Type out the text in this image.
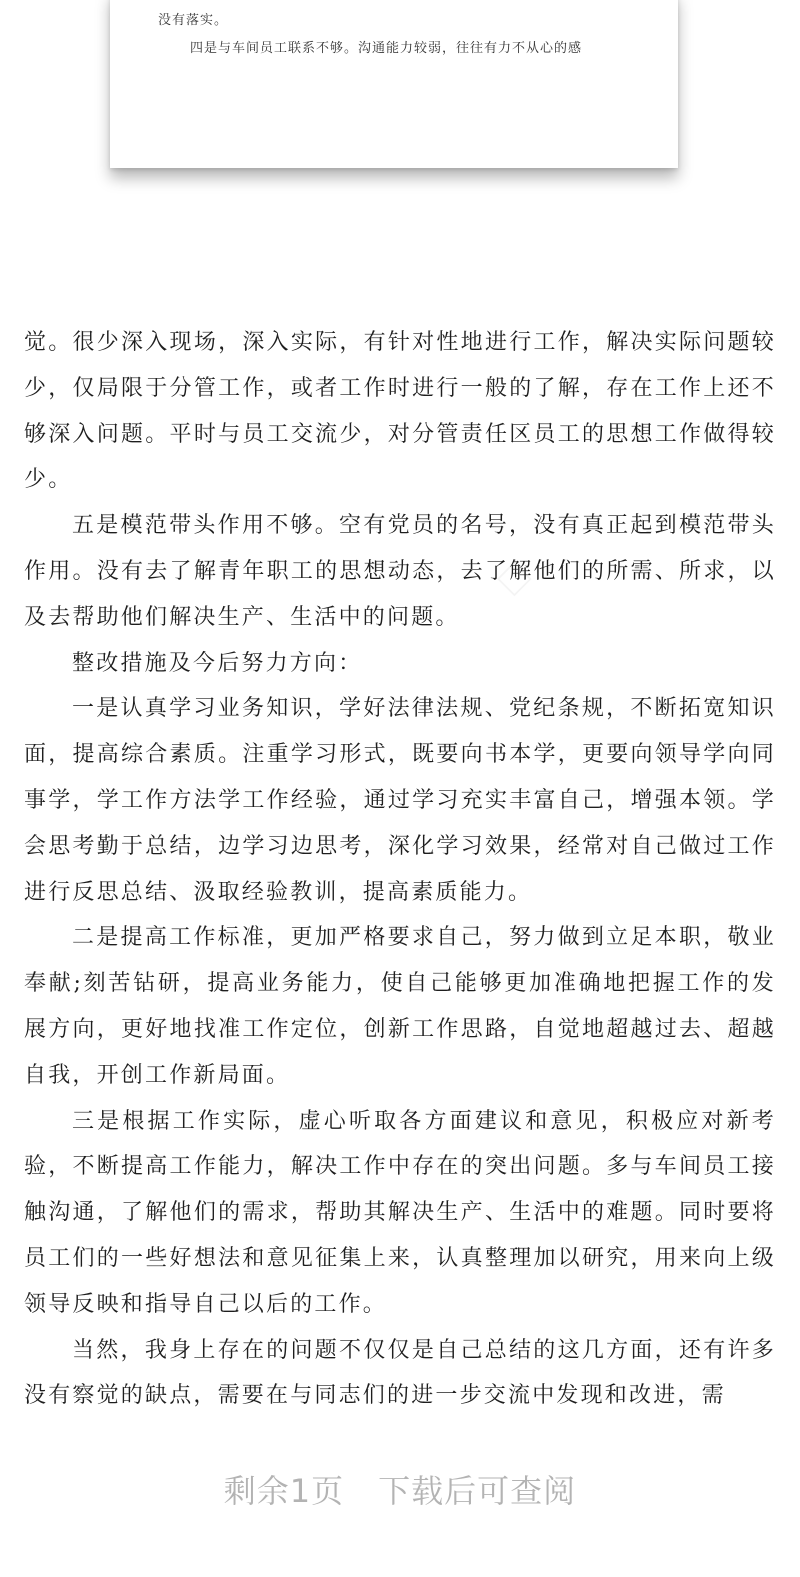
没有落实。
四是与车间员工联系不够。沟通能力较弱，往往有力不从心的感

觉。很少深入现场，深入实际，有针对性地进行工作，解决实际问题较少，仅局限于分管工作，或者工作时进行一般的了解，存在工作上还不够深入问题。平时与员工交流少，对分管责任区员工的思想工作做得较少。

五是模范带头作用不够。空有党员的名号，没有真正起到模范带头作用。没有去了解青年职工的思想动态，去了解他们的所需、所求，以及去帮助他们解决生产、生活中的问题。

整改措施及今后努力方向：

一是认真学习业务知识，学好法律法规、党纪条规，不断拓宽知识面，提高综合素质。注重学习形式，既要向书本学，更要向领导学向同事学，学工作方法学工作经验，通过学习充实丰富自己，增强本领。学会思考勤于总结，边学习边思考，深化学习效果，经常对自己做过工作进行反思总结、汲取经验教训，提高素质能力。

二是提高工作标准，更加严格要求自己，努力做到立足本职，敬业奉献;刻苦钻研，提高业务能力，使自己能够更加准确地把握工作的发展方向，更好地找准工作定位，创新工作思路，自觉地超越过去、超越自我，开创工作新局面。

三是根据工作实际，虚心听取各方面建议和意见，积极应对新考验，不断提高工作能力，解决工作中存在的突出问题。多与车间员工接触沟通，了解他们的需求，帮助其解决生产、生活中的难题。同时要将员工们的一些好想法和意见征集上来，认真整理加以研究，用来向上级领导反映和指导自己以后的工作。

当然，我身上存在的问题不仅仅是自己总结的这几方面，还有许多没有察觉的缺点，需要在与同志们的进一步交流中发现和改进，需

剩余1页 下载后可查阅
